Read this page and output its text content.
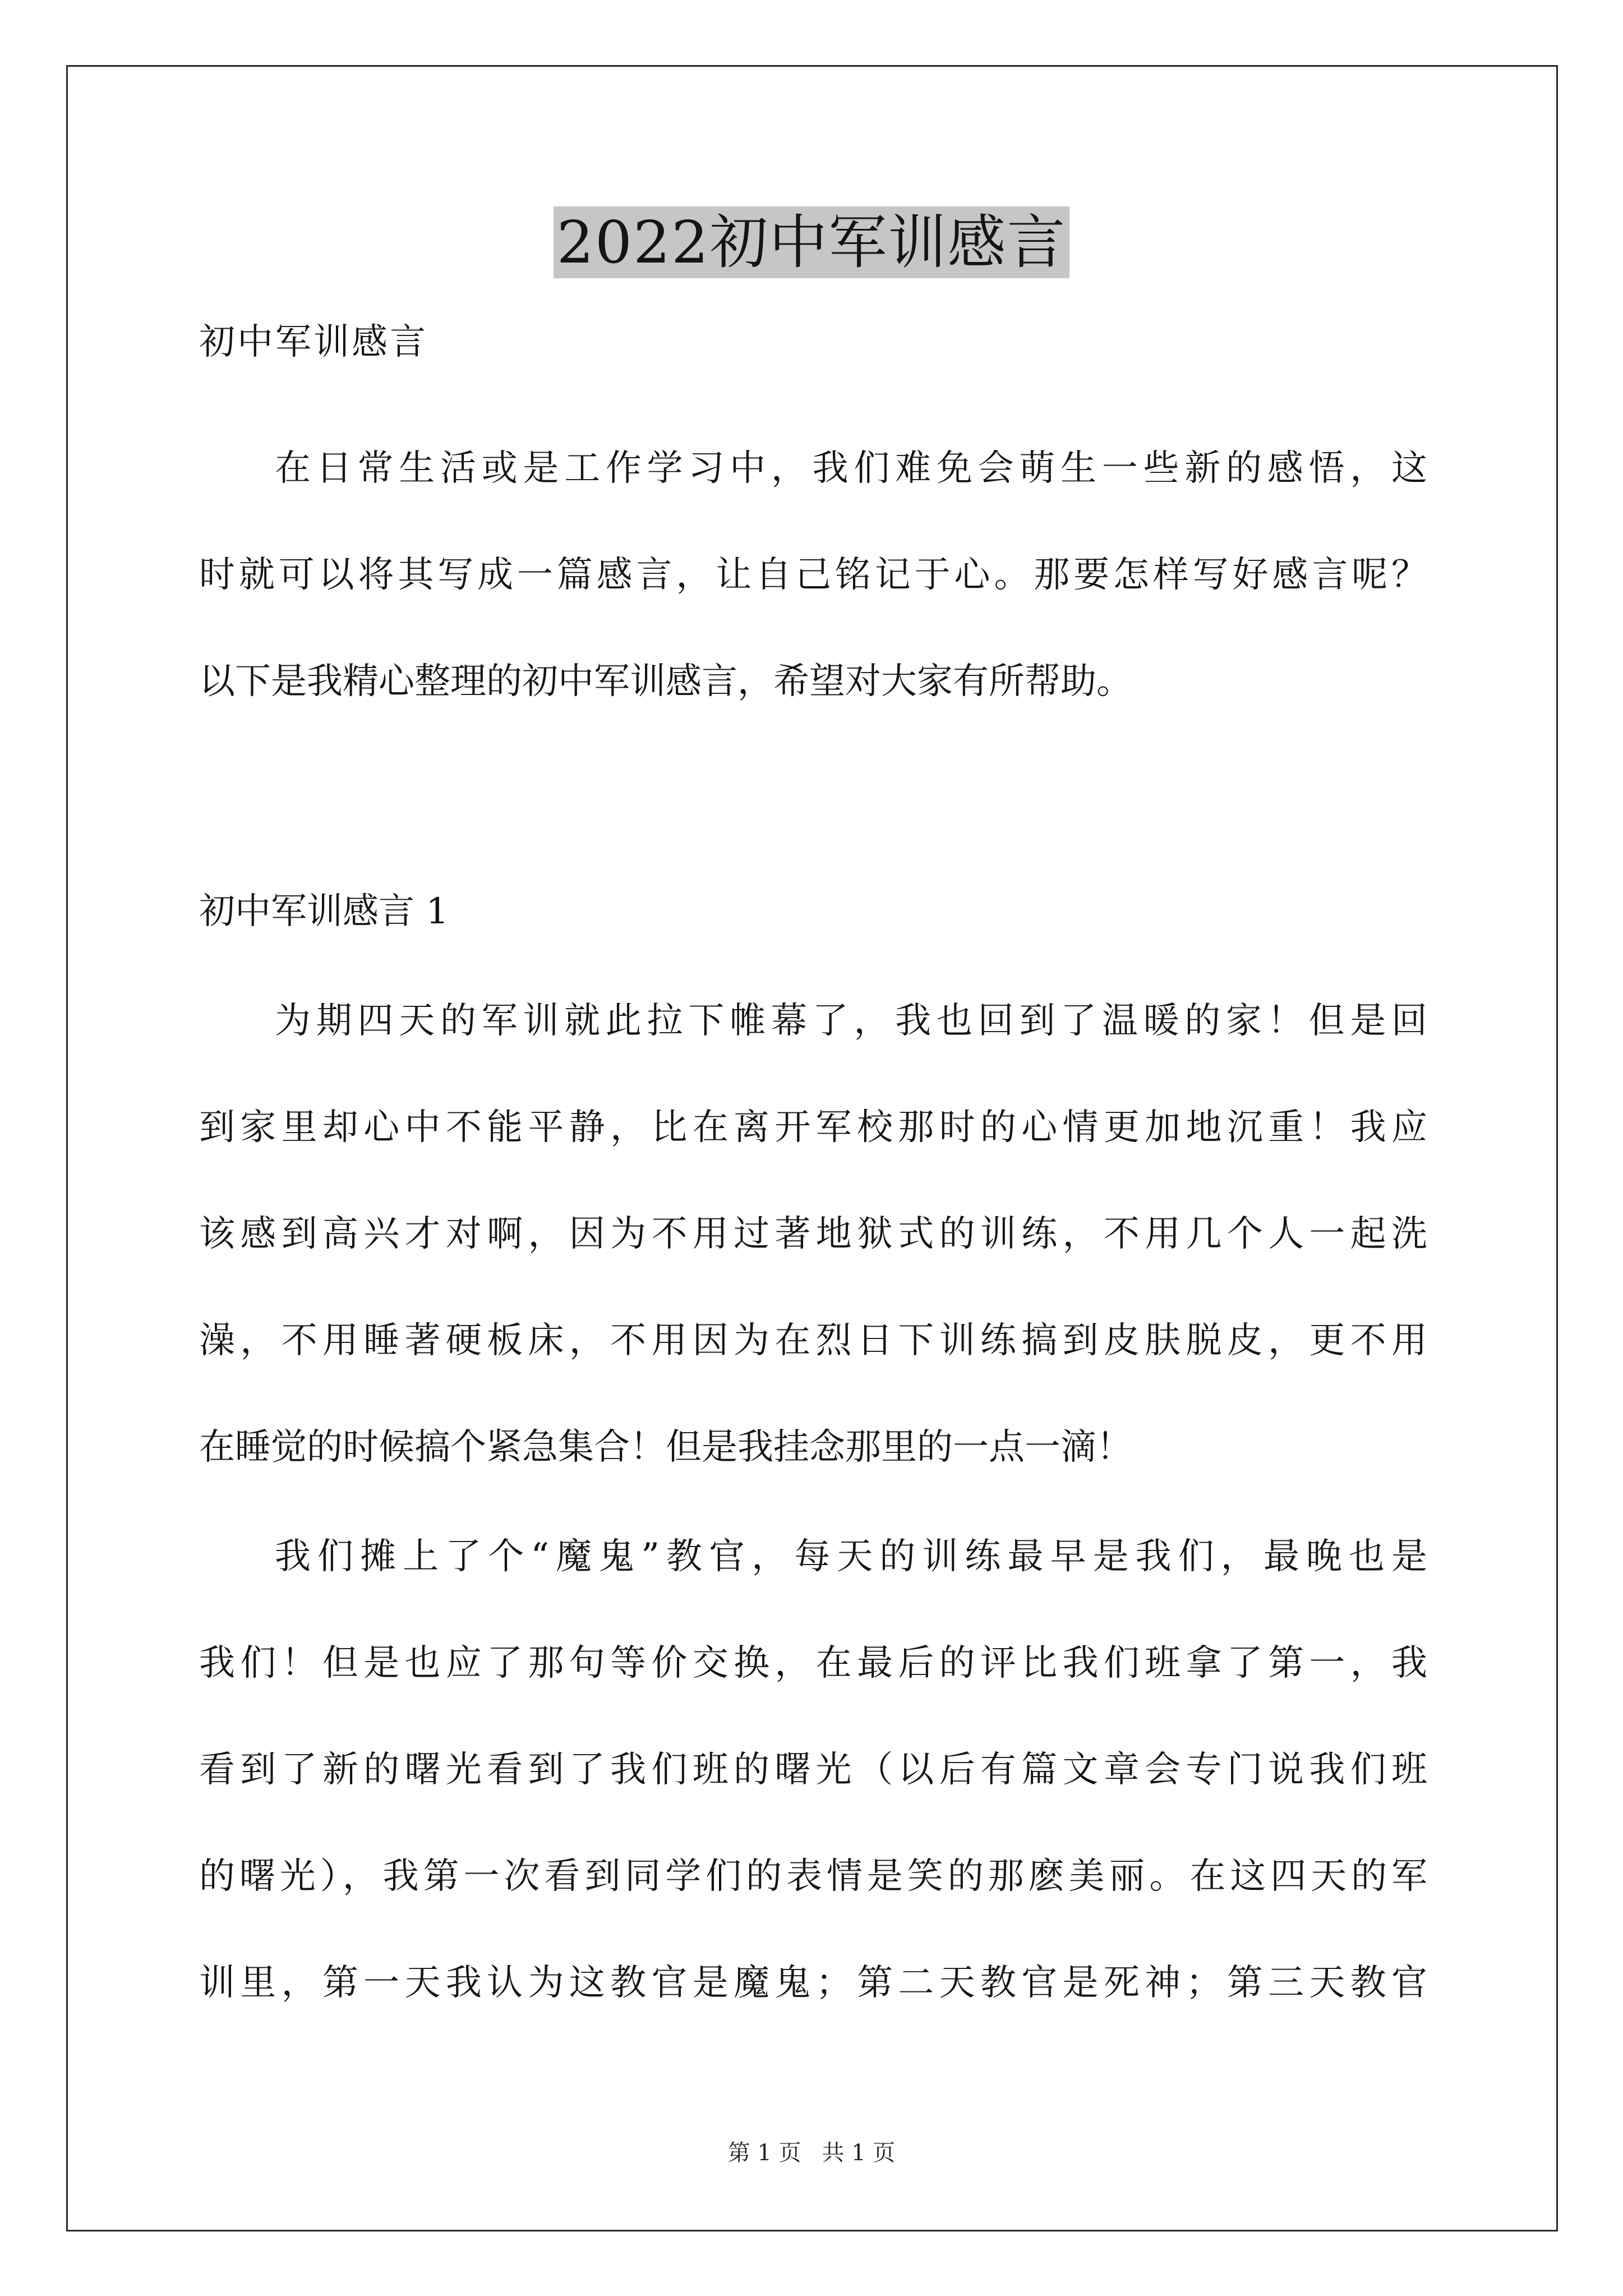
2022初中军训感言
初中军训感言
在日常生活或是工作学习中，我们难免会萌生一些新的感悟，这
时就可以将其写成一篇感言，让自己铭记于心。那要怎样写好感言呢？
以下是我精心整理的初中军训感言，希望对大家有所帮助。
初中军训感言 1
为期四天的军训就此拉下帷幕了，我也回到了温暖的家！但是回
到家里却心中不能平静，比在离开军校那时的心情更加地沉重！我应
该感到高兴才对啊，因为不用过著地狱式的训练，不用几个人一起洗
澡，不用睡著硬板床，不用因为在烈日下训练搞到皮肤脱皮，更不用
在睡觉的时候搞个紧急集合！但是我挂念那里的一点一滴！
我们摊上了个“魔鬼”教官，每天的训练最早是我们，最晚也是
我们！但是也应了那句等价交换，在最后的评比我们班拿了第一，我
看到了新的曙光看到了我们班的曙光（以后有篇文章会专门说我们班
的曙光），我第一次看到同学们的表情是笑的那麽美丽。在这四天的军
训里，第一天我认为这教官是魔鬼；第二天教官是死神；第三天教官
第 1 页 共 1 页
